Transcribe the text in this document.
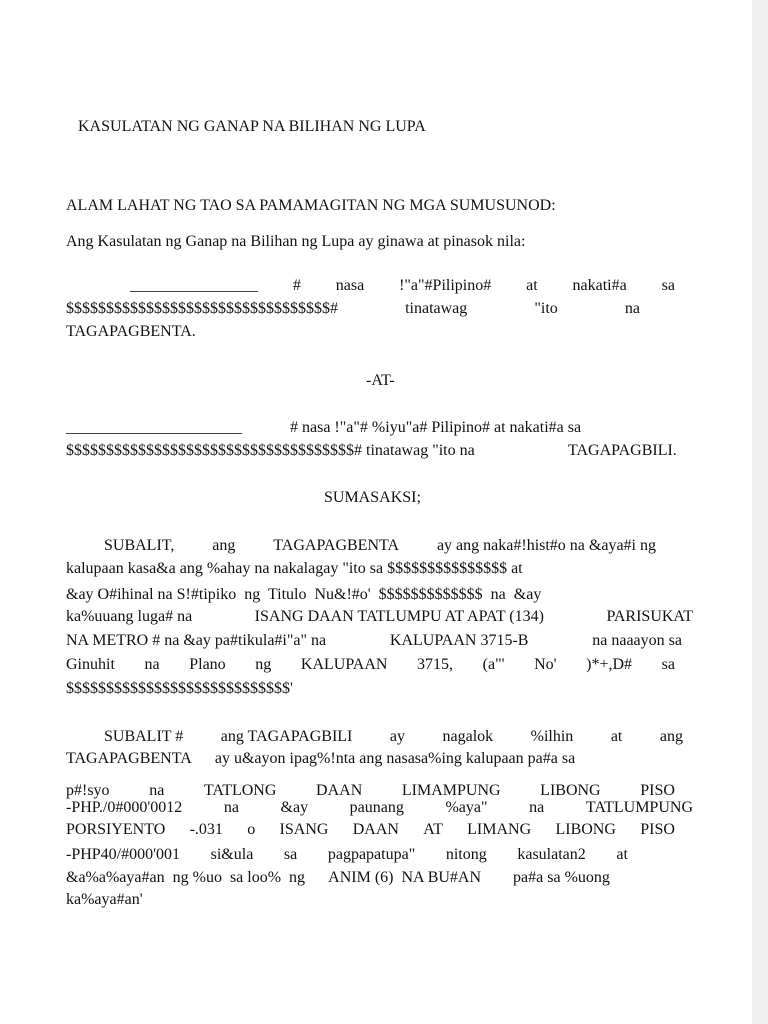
KASULATAN NG GANAP NA BILIHAN NG LUPA
ALAM LAHAT NG TAO SA PAMAMAGITAN NG MGA SUMUSUNOD:
Ang Kasulatan ng Ganap na Bilihan ng Lupa ay ginawa at pinasok nila:
________________ # nasa !"a"#Pilipino# at nakati#a sa
$$$$$$$$$$$$$$$$$$$$$$$$$$$$$$$$$#	tinatawag	"ito	na
TAGAPAGBENTA.
-AT-
______________________	# nasa !"a"# %iyu"a# Pilipino# at nakati#a sa
$$$$$$$$$$$$$$$$$$$$$$$$$$$$$$$$$$$$# tinatawag "ito na	TAGAPAGBILI.
SUMASAKSI;
SUBALIT, ang TAGAPAGBENTA ay ang naka#!hist#o na &aya#i ng
kalupaan kasa&a ang %ahay na nakalagay "ito sa $$$$$$$$$$$$$$$ at
&ay O#ihinal na S!#tipiko  ng  Titulo  Nu&!#o'  $$$$$$$$$$$$$  na  &ay
ka%uuang luga# na	ISANG DAAN TATLUMPU AT APAT (134)	PARISUKAT
NA METRO # na &ay pa#tikula#i"a" na	KALUPAAN 3715-B	na naaayon sa
Ginuhit na Plano ng KALUPAAN 3715, (a"' No' )*+,D# sa
$$$$$$$$$$$$$$$$$$$$$$$$$$$$'
SUBALIT # ang TAGAPAGBILI ay nagalok %ilhin at ang
TAGAPAGBENTA      ay u&ayon ipag%!nta ang nasasa%ing kalupaan pa#a sa
p#!syo na TATLONG DAAN LIMAMPUNG LIBONG PISO
-PHP./0#000'0012	na	&ay	paunang	%aya"	na	TATLUMPUNG
PORSIYENTO -.031 o ISANG DAAN AT LIMANG LIBONG PISO
-PHP40/#000'001 si&ula sa pagpapatupa" nitong kasulatan2 at
&a%a%aya#an  ng %uo  sa loo%  ng      ANIM (6)  NA BU#AN        pa#a sa %uong
ka%aya#an'
